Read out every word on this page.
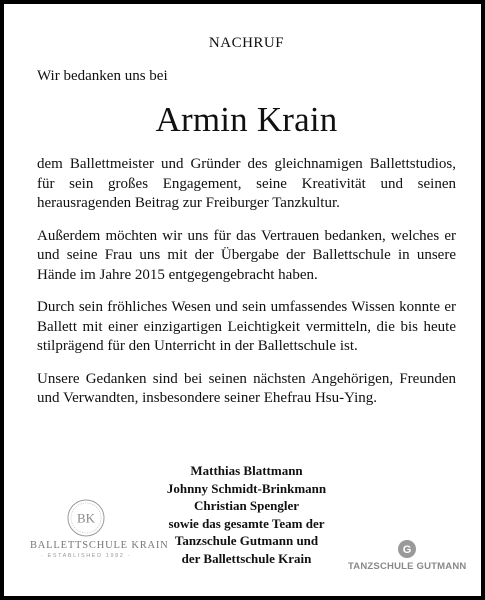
NACHRUF
Wir bedanken uns bei
Armin Krain

dem Ballettmeister und Gründer des gleichnamigen Ballettstudios, für sein großes Engagement, seine Kreativität und seinen herausragenden Beitrag zur Freiburger Tanzkultur.

Außerdem möchten wir uns für das Vertrauen bedanken, welches er und seine Frau uns mit der Übergabe der Ballettschule in unsere Hände im Jahre 2015 entgegengebracht haben.

Durch sein fröhliches Wesen und sein umfassendes Wissen konnte er Ballett mit einer einzigartigen Leichtigkeit vermitteln, die bis heute stilprägend für den Unterricht in der Ballettschule ist.

Unsere Gedanken sind bei seinen nächsten Angehörigen, Freunden und Verwandten, insbesondere seiner Ehefrau Hsu-Ying.

Matthias Blattmann
Johnny Schmidt-Brinkmann
Christian Spengler
sowie das gesamte Team der
Tanzschule Gutmann und
der Ballettschule Krain
BK
BALLETTSCHULE KRAIN
· ESTABLISHED 1982 ·	G
TANZSCHULE GUTMANN
